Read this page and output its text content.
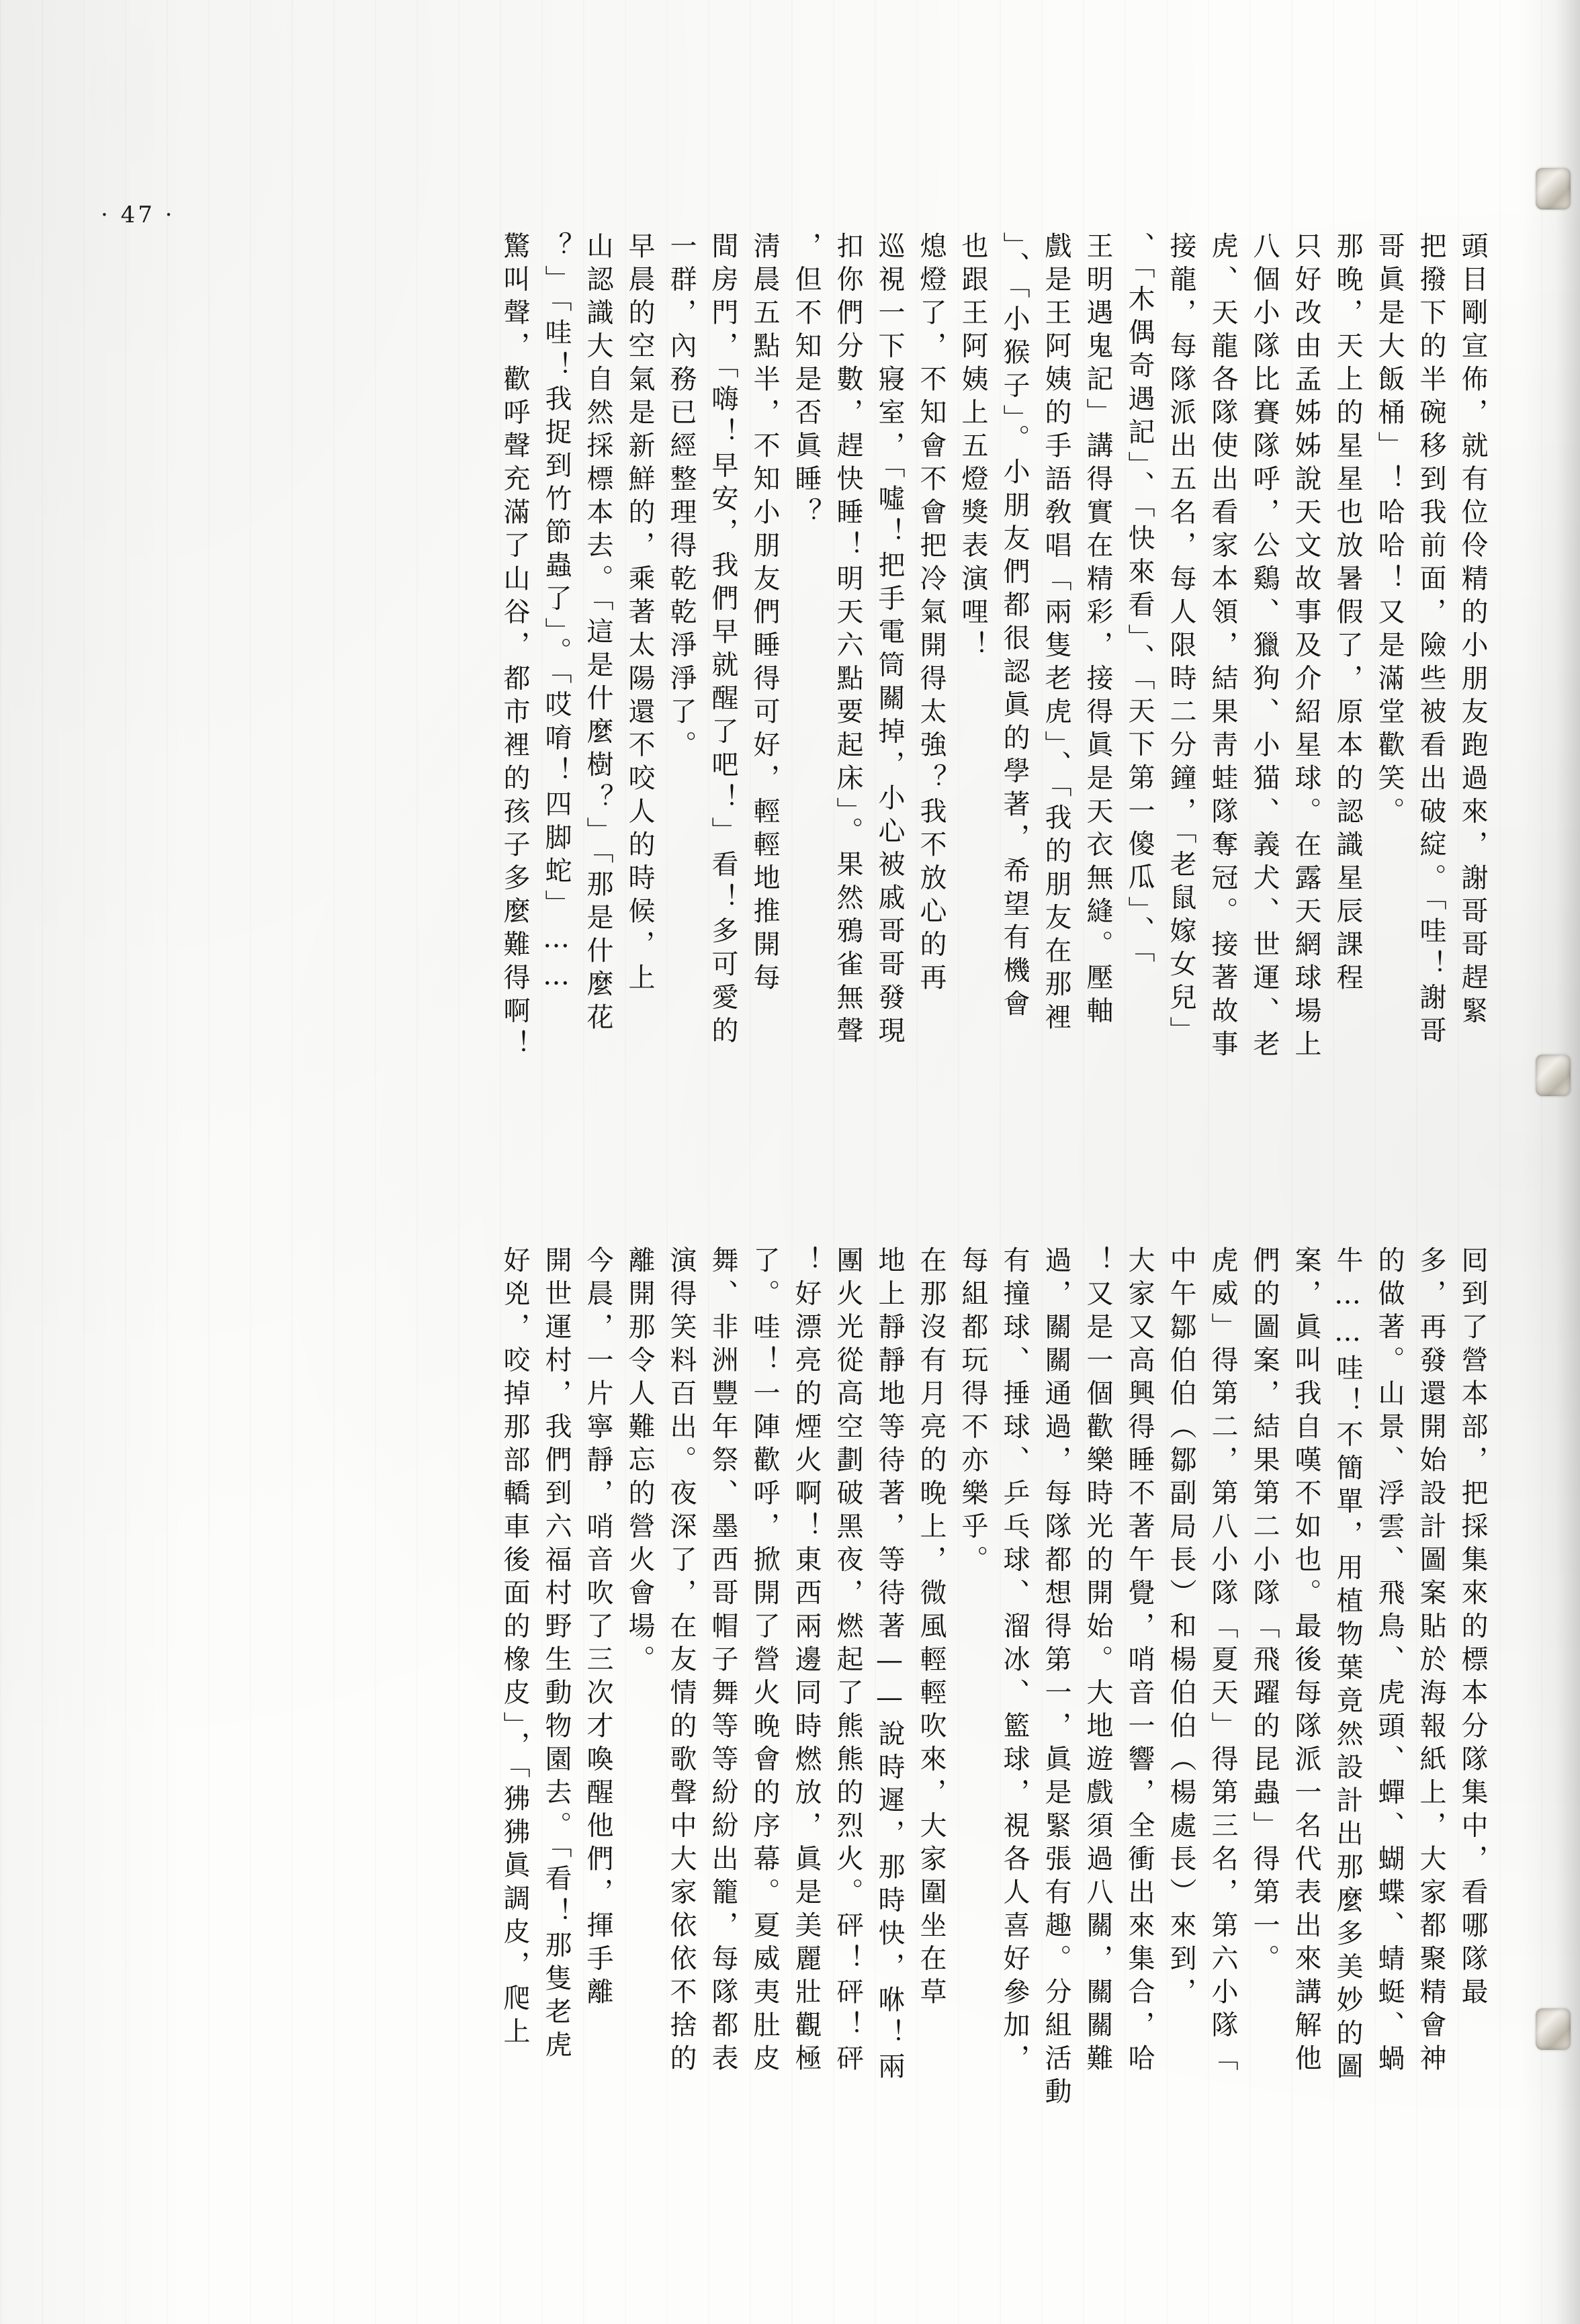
· 47 ·
頭目剛宣佈，就有位伶精的小朋友跑過來，謝哥哥趕緊
把撥下的半碗移到我前面，險些被看出破綻。「哇！謝哥
哥眞是大飯桶」！哈哈！又是滿堂歡笑。
那晚，天上的星星也放暑假了，原本的認識星辰課程
只好改由孟姊姊說天文故事及介紹星球。在露天網球場上
八個小隊比賽隊呼，公鷄、獵狗、小猫、義犬、世運、老
虎、天龍各隊使出看家本領，結果靑蛙隊奪冠。接著故事
接龍，每隊派出五名，每人限時二分鐘，「老鼠嫁女兒」
、「木偶奇遇記」、「快來看」、「天下第一傻瓜」、「
王明遇鬼記」講得實在精彩，接得眞是天衣無縫。壓軸
戲是王阿姨的手語敎唱「兩隻老虎」、「我的朋友在那裡
」、「小猴子」。小朋友們都很認眞的學著，希望有機會
也跟王阿姨上五燈獎表演哩！
熄燈了，不知會不會把冷氣開得太強？我不放心的再
巡視一下寢室，「噓！把手電筒關掉，小心被戚哥哥發現
扣你們分數，趕快睡！明天六點要起床」。果然鴉雀無聲
，但不知是否眞睡？
淸晨五點半，不知小朋友們睡得可好，輕輕地推開每
間房門，「嗨！早安，我們早就醒了吧！」看！多可愛的
一群，內務已經整理得乾乾淨淨了。
早晨的空氣是新鮮的，乘著太陽還不咬人的時候，上
山認識大自然採標本去。「這是什麼樹？」「那是什麼花
？」「哇！我捉到竹節蟲了」。「哎唷！四脚蛇」……
驚叫聲，歡呼聲充滿了山谷，都市裡的孩子多麼難得啊！
囘到了營本部，把採集來的標本分隊集中，看哪隊最
多，再發還開始設計圖案貼於海報紙上，大家都聚精會神
的做著。山景、浮雲、飛鳥、虎頭、蟬、蝴蝶、蜻蜓、蝸
牛……哇！不簡單，用植物葉竟然設計出那麼多美妙的圖
案，眞叫我自嘆不如也。最後每隊派一名代表出來講解他
們的圖案，結果第二小隊「飛躍的昆蟲」得第一。
虎威」得第二，第八小隊「夏天」得第三名，第六小隊「
中午鄒伯伯（鄒副局長）和楊伯伯（楊處長）來到，
大家又高興得睡不著午覺，哨音一響，全衝出來集合，哈
！又是一個歡樂時光的開始。大地遊戲須過八關，關關難
過，關關通過，每隊都想得第一，眞是緊張有趣。分組活動
有撞球、捶球、乒乓球、溜冰、籃球，視各人喜好參加，
每組都玩得不亦樂乎。
在那沒有月亮的晚上，微風輕輕吹來，大家圍坐在草
地上靜靜地等待著，等待著——說時遲，那時快，咻！兩
團火光從高空劃破黑夜，燃起了熊熊的烈火。砰！砰！砰
！好漂亮的煙火啊！東西兩邊同時燃放，眞是美麗壯觀極
了。哇！一陣歡呼，掀開了營火晚會的序幕。夏威夷肚皮
舞、非洲豐年祭、墨西哥帽子舞等等紛紛出籠，每隊都表
演得笑料百出。夜深了，在友情的歌聲中大家依依不捨的
離開那令人難忘的營火會場。
今晨，一片寧靜，哨音吹了三次才喚醒他們，揮手離
開世運村，我們到六福村野生動物園去。「看！那隻老虎
好兇，咬掉那部轎車後面的橡皮」，「狒狒眞調皮，爬上
